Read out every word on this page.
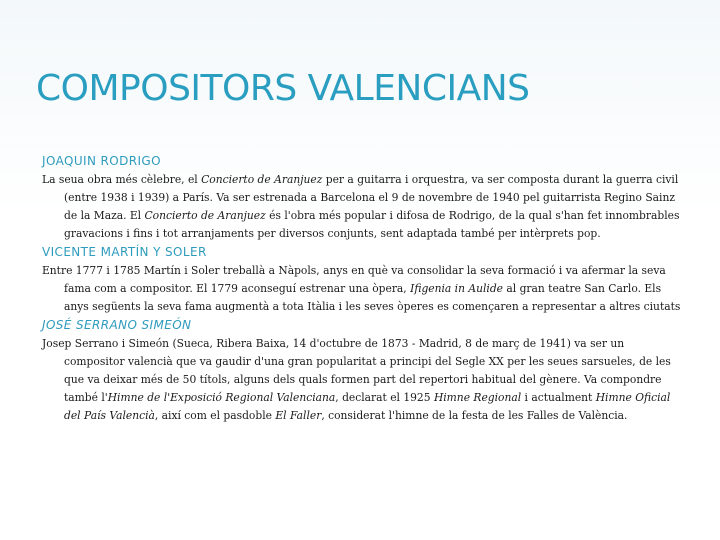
COMPOSITORS VALENCIANS
JOAQUIN RODRIGO

La seua obra més cèlebre, el Concierto de Aranjuez per a guitarra i orquestra, va ser composta durant la guerra civil (entre 1938 i 1939) a París. Va ser estrenada a Barcelona el 9 de novembre de 1940 pel guitarrista Regino Sainz de la Maza. El Concierto de Aranjuez és l'obra més popular i difosa de Rodrigo, de la qual s'han fet innombrables gravacions i fins i tot arranjaments per diversos conjunts, sent adaptada també per intèrprets pop.

VICENTE MARTÍN Y SOLER

Entre 1777 i 1785 Martín i Soler treballà a Nàpols, anys en què va consolidar la seva formació i va afermar la seva fama com a compositor. El 1779 aconseguí estrenar una òpera, Ifigenia in Aulide al gran teatre San Carlo. Els anys següents la seva fama augmentà a tota Itàlia i les seves òperes es començaren a representar a altres ciutats

JOSÉ SERRANO SIMEÓN

Josep Serrano i Simeón (Sueca, Ribera Baixa, 14 d'octubre de 1873 - Madrid, 8 de març de 1941) va ser un compositor valencià que va gaudir d'una gran popularitat a principi del Segle XX per les seues sarsueles, de les que va deixar més de 50 títols, alguns dels quals formen part del repertori habitual del gènere. Va compondre també l'Himne de l'Exposició Regional Valenciana, declarat el 1925 Himne Regional i actualment Himne Oficial del País Valencià, així com el pasdoble El Faller, considerat l'himne de la festa de les Falles de València.
